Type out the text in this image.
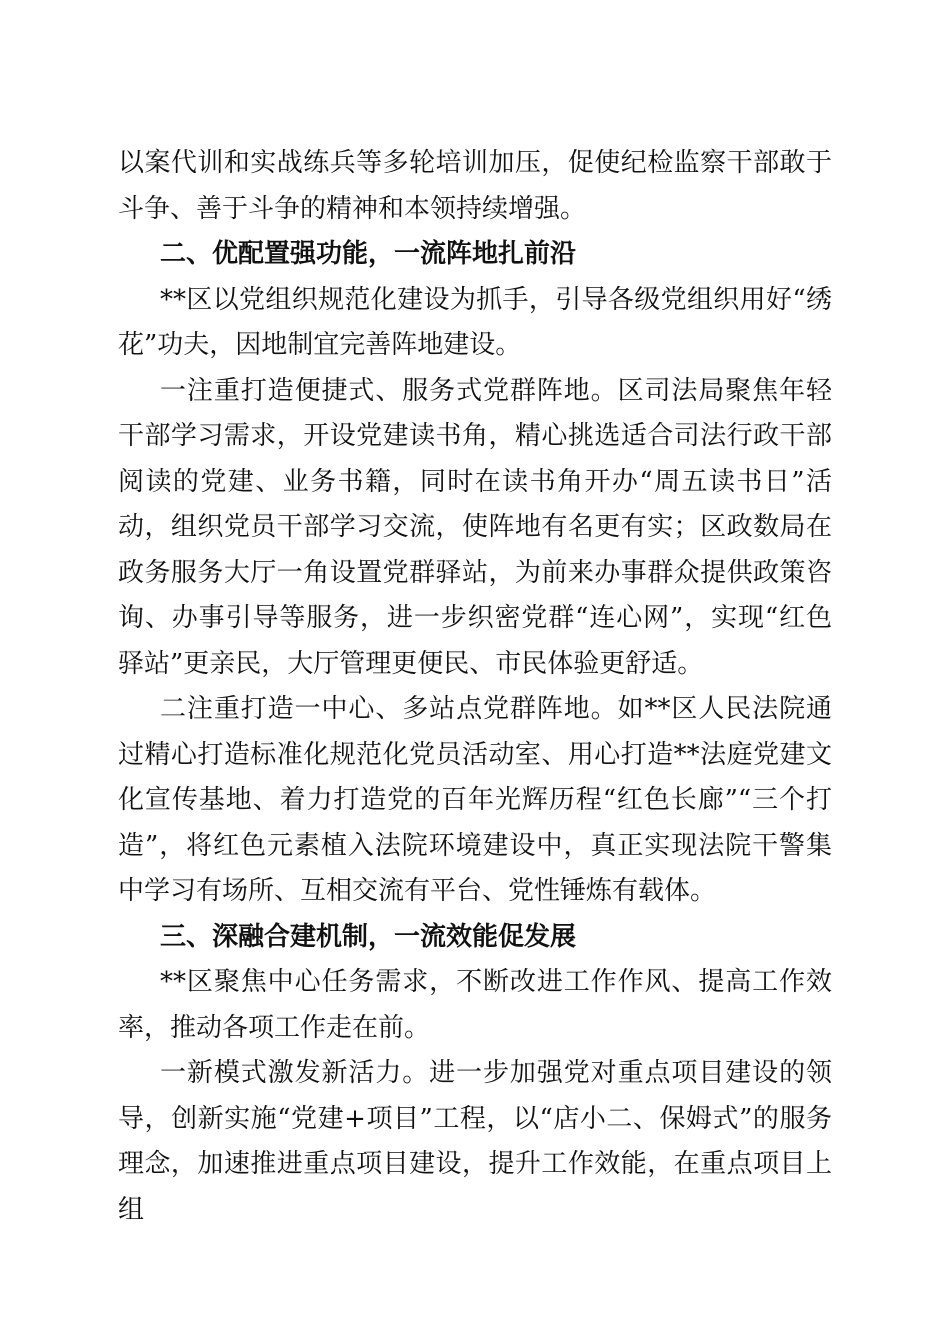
以案代训和实战练兵等多轮培训加压，促使纪检监察干部敢于斗争、善于斗争的精神和本领持续增强。

二、优配置强功能，一流阵地扎前沿

**区以党组织规范化建设为抓手，引导各级党组织用好“绣花”功夫，因地制宜完善阵地建设。

一注重打造便捷式、服务式党群阵地。区司法局聚焦年轻干部学习需求，开设党建读书角，精心挑选适合司法行政干部阅读的党建、业务书籍，同时在读书角开办“周五读书日”活动，组织党员干部学习交流，使阵地有名更有实；区政数局在政务服务大厅一角设置党群驿站，为前来办事群众提供政策咨询、办事引导等服务，进一步织密党群“连心网”，实现“红色驿站”更亲民，大厅管理更便民、市民体验更舒适。

二注重打造一中心、多站点党群阵地。如**区人民法院通过精心打造标准化规范化党员活动室、用心打造**法庭党建文化宣传基地、着力打造党的百年光辉历程“红色长廊”“三个打造”，将红色元素植入法院环境建设中，真正实现法院干警集中学习有场所、互相交流有平台、党性锤炼有载体。

三、深融合建机制，一流效能促发展

**区聚焦中心任务需求，不断改进工作作风、提高工作效率，推动各项工作走在前。

一新模式激发新活力。进一步加强党对重点项目建设的领导，创新实施“党建+项目”工程，以“店小二、保姆式”的服务理念，加速推进重点项目建设，提升工作效能，在重点项目上组
